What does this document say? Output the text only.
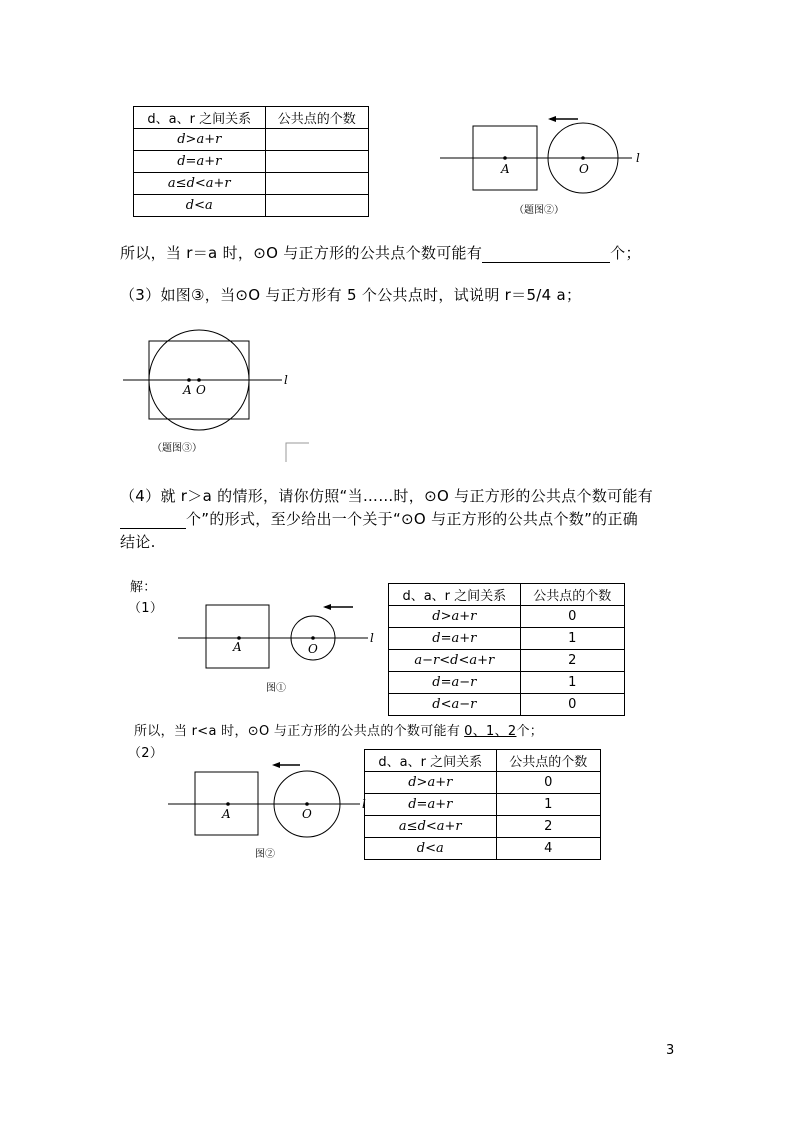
d、a、r 之间关系	公共点的个数
d>a+r	
d=a+r	
a≤d<a+r	
d<a	
A	O
l
（题图②）
所以，当 r＝a 时，⊙O 与正方形的公共点个数可能有	个；
（3）如图③，当⊙O 与正方形有 5 个公共点时，试说明 r＝5/4 a；
A O
l
（题图③）
（4）就 r＞a 的情形，请你仿照“当……时，⊙O 与正方形的公共点个数可能有
个”的形式，至少给出一个关于“⊙O 与正方形的公共点个数”的正确
结论.
解：
（1）
A	O
l
图①
d、a、r 之间关系	公共点的个数
d>a+r	0
d=a+r	1
a−r<d<a+r	2
d=a−r	1
d<a−r	0
所以，当 r<a 时，⊙O 与正方形的公共点的个数可能有 0、1、2个；
（2）
A	O
l
图②
d、a、r 之间关系	公共点的个数
d>a+r	0
d=a+r	1
a≤d<a+r	2
d<a	4
3
